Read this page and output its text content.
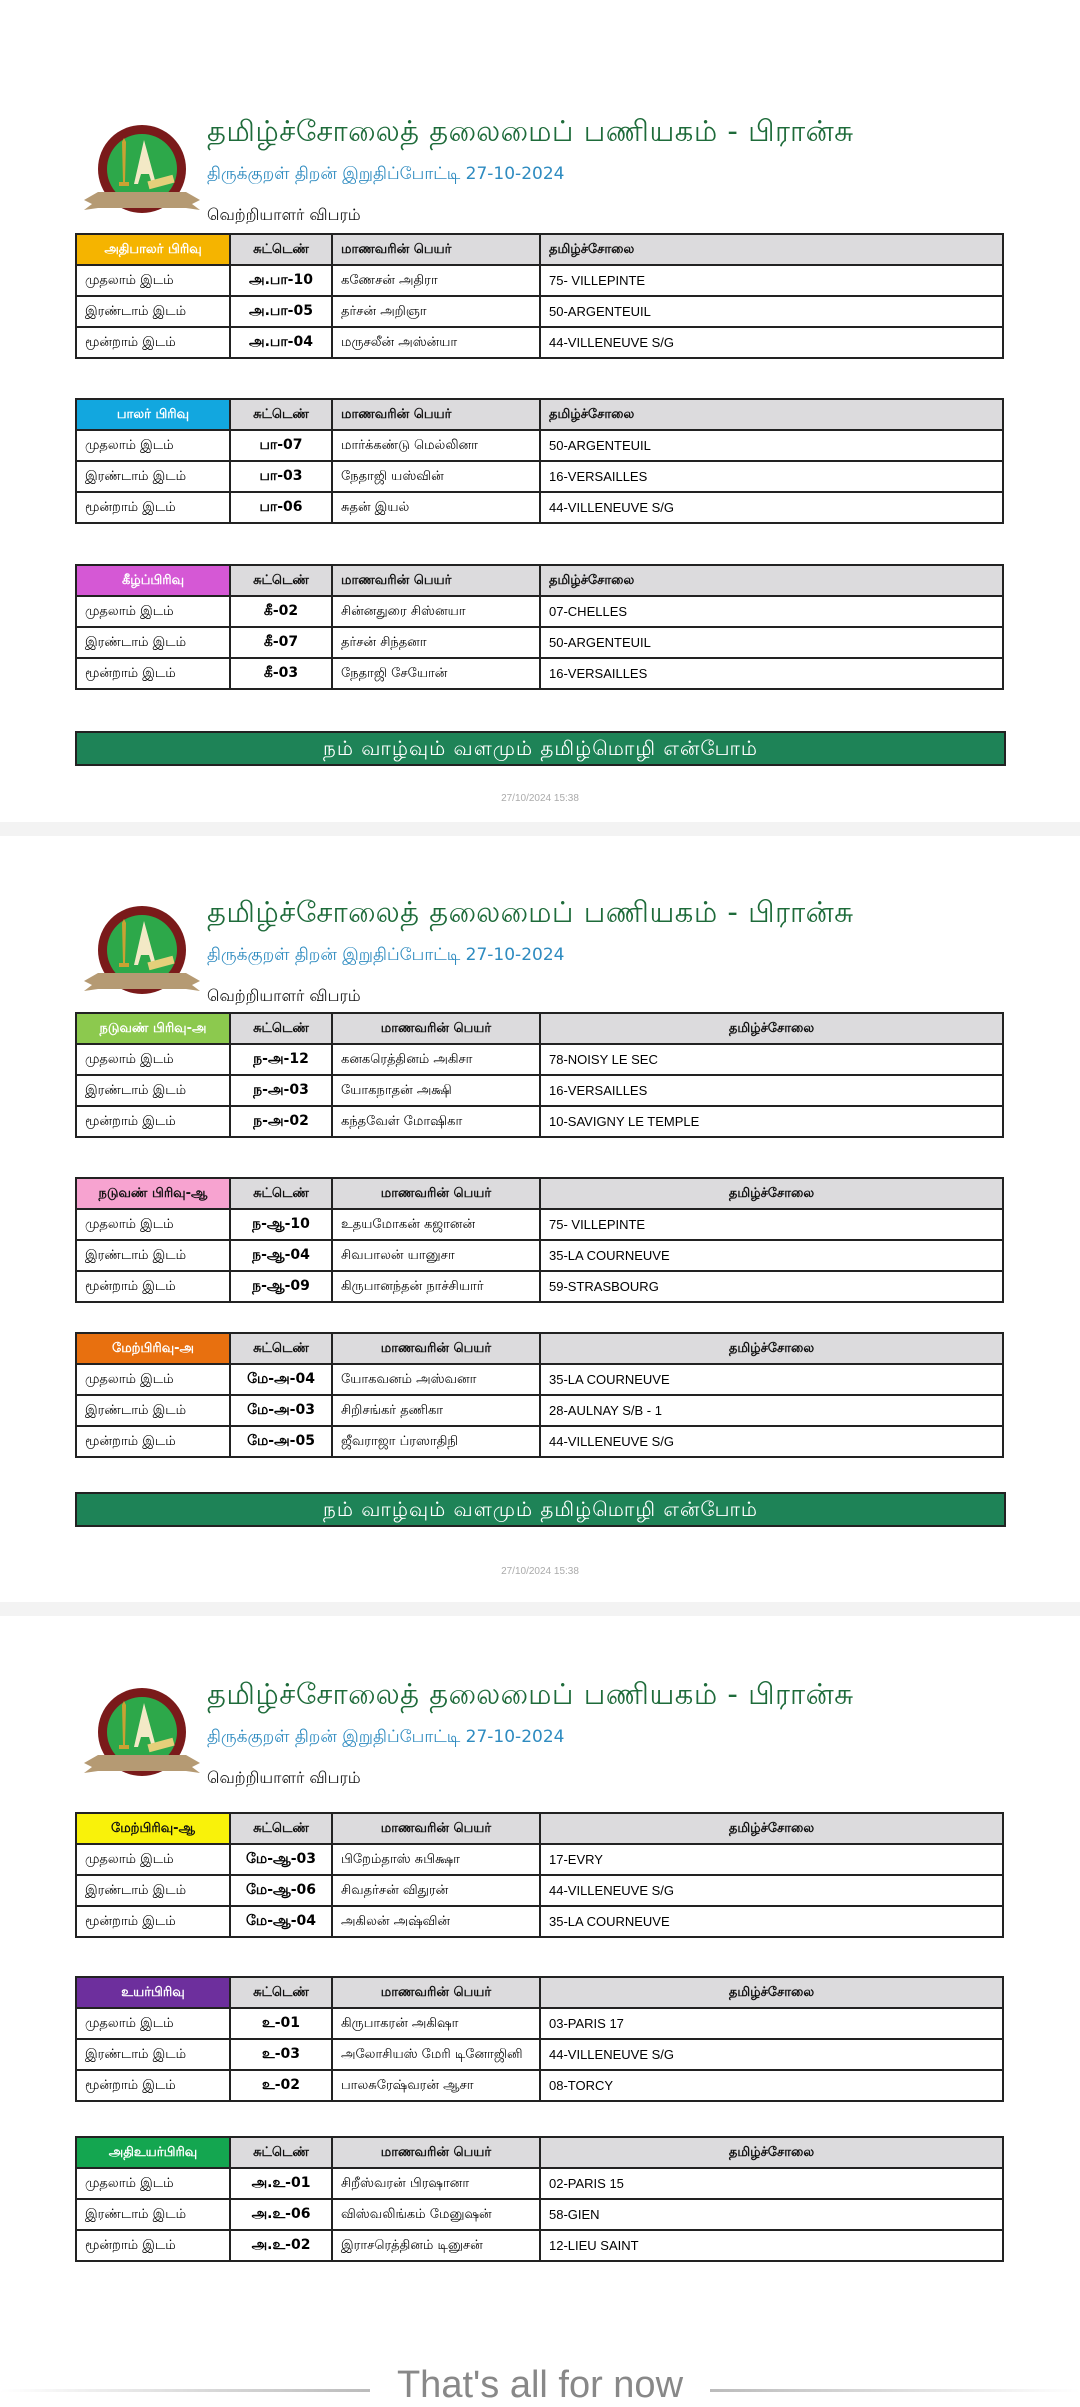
தமிழ்ச்சோலைத் தலைமைப் பணியகம் - பிரான்சு
திருக்குறள் திறன் இறுதிப்போட்டி 27-10-2024
வெற்றியாளர் விபரம்
அதிபாலர் பிரிவு	சுட்டெண்	மாணவரின் பெயர்	தமிழ்ச்சோலை
முதலாம் இடம்	அ.பா-10	கணேசன் அதிரா	75- VILLEPINTE
இரண்டாம் இடம்	அ.பா-05	தர்சன் அறிஞா	50-ARGENTEUIL
மூன்றாம் இடம்	அ.பா-04	மருசலீன் அஸ்ன்யா	44-VILLENEUVE S/G
பாலர் பிரிவு	சுட்டெண்	மாணவரின் பெயர்	தமிழ்ச்சோலை
முதலாம் இடம்	பா-07	மார்க்கண்டு மெல்லினா	50-ARGENTEUIL
இரண்டாம் இடம்	பா-03	நேதாஜி யஸ்வின்	16-VERSAILLES
மூன்றாம் இடம்	பா-06	சுதன் இயல்	44-VILLENEUVE S/G
கீழ்ப்பிரிவு	சுட்டெண்	மாணவரின் பெயர்	தமிழ்ச்சோலை
முதலாம் இடம்	கீ-02	சின்னதுரை சிஸ்னயா	07-CHELLES
இரண்டாம் இடம்	கீ-07	தர்சன் சிந்தனா	50-ARGENTEUIL
மூன்றாம் இடம்	கீ-03	நேதாஜி சேயோன்	16-VERSAILLES
நம் வாழ்வும் வளமும் தமிழ்மொழி என்போம்
27/10/2024 15:38
தமிழ்ச்சோலைத் தலைமைப் பணியகம் - பிரான்சு
திருக்குறள் திறன் இறுதிப்போட்டி 27-10-2024
வெற்றியாளர் விபரம்
நடுவண் பிரிவு-அ	சுட்டெண்	மாணவரின் பெயர்	தமிழ்ச்சோலை
முதலாம் இடம்	ந-அ-12	கனகரெத்தினம் அகிசா	78-NOISY LE SEC
இரண்டாம் இடம்	ந-அ-03	யோகநாதன் அக்ஷி	16-VERSAILLES
மூன்றாம் இடம்	ந-அ-02	கந்தவேள் மோஷிகா	10-SAVIGNY LE TEMPLE
நடுவண் பிரிவு-ஆ	சுட்டெண்	மாணவரின் பெயர்	தமிழ்ச்சோலை
முதலாம் இடம்	ந-ஆ-10	உதயமோகன் கஜானன்	75- VILLEPINTE
இரண்டாம் இடம்	ந-ஆ-04	சிவபாலன் யானுசா	35-LA COURNEUVE
மூன்றாம் இடம்	ந-ஆ-09	கிருபானந்தன் நாச்சியார்	59-STRASBOURG
மேற்பிரிவு-அ	சுட்டெண்	மாணவரின் பெயர்	தமிழ்ச்சோலை
முதலாம் இடம்	மே-அ-04	யோகவனம் அஸ்வனா	35-LA COURNEUVE
இரண்டாம் இடம்	மே-அ-03	சிறிசங்கர் தணிகா	28-AULNAY S/B - 1
மூன்றாம் இடம்	மே-அ-05	ஜீவராஜா ப்ரஸாதிநி	44-VILLENEUVE S/G
நம் வாழ்வும் வளமும் தமிழ்மொழி என்போம்
27/10/2024 15:38
தமிழ்ச்சோலைத் தலைமைப் பணியகம் - பிரான்சு
திருக்குறள் திறன் இறுதிப்போட்டி 27-10-2024
வெற்றியாளர் விபரம்
மேற்பிரிவு-ஆ	சுட்டெண்	மாணவரின் பெயர்	தமிழ்ச்சோலை
முதலாம் இடம்	மே-ஆ-03	பிறேம்தாஸ் சுபிக்ஷா	17-EVRY
இரண்டாம் இடம்	மே-ஆ-06	சிவதர்சன் விதுரன்	44-VILLENEUVE S/G
மூன்றாம் இடம்	மே-ஆ-04	அகிலன் அஷ்வின்	35-LA COURNEUVE
உயர்பிரிவு	சுட்டெண்	மாணவரின் பெயர்	தமிழ்ச்சோலை
முதலாம் இடம்	உ-01	கிருபாகரன் அகிஷா	03-PARIS 17
இரண்டாம் இடம்	உ-03	அலோசியஸ் மேரி டினோஜினி	44-VILLENEUVE S/G
மூன்றாம் இடம்	உ-02	பாலசுரேஷ்வரன் ஆசா	08-TORCY
அதிஉயர்பிரிவு	சுட்டெண்	மாணவரின் பெயர்	தமிழ்ச்சோலை
முதலாம் இடம்	அ.உ-01	சிறீஸ்வரன் பிரஷானா	02-PARIS 15
இரண்டாம் இடம்	அ.உ-06	விஸ்வலிங்கம் மேனுஷன்	58-GIEN
மூன்றாம் இடம்	அ.உ-02	இராசரெத்தினம் டினுசன்	12-LIEU SAINT
That's all for now
